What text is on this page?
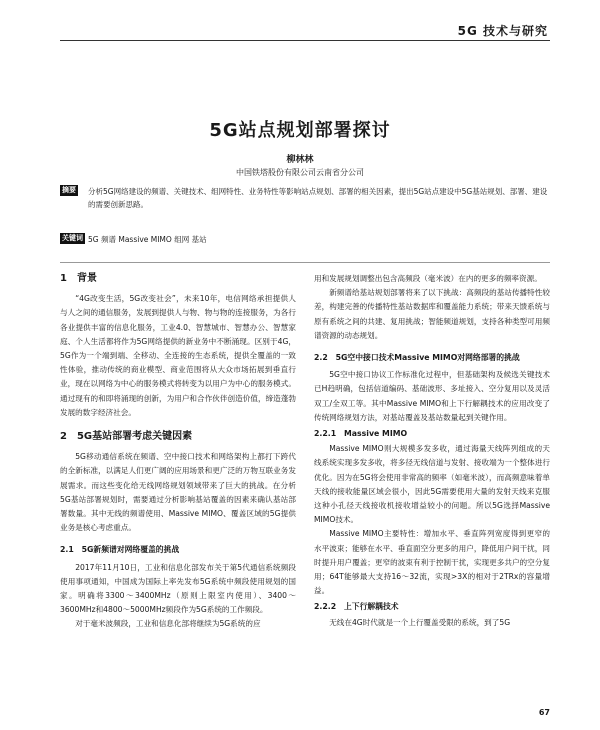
5G 技术与研究
5G站点规划部署探讨
柳林林
中国铁塔股份有限公司云南省分公司
摘要 分析5G网络建设的频谱、关键技术、组网特性、业务特性等影响站点规划、部署的相关因素，提出5G站点建设中5G基站规划、部署、建设的需要创新思路。
关键词 5G 频谱 Massive MIMO 组网 基站
1　背景

“4G改变生活，5G改变社会”，未来10年，电信网络承担提供人与人之间的通信服务，发展到提供人与物、物与物的连接服务，为各行各业提供丰富的信息化服务，工业4.0、智慧城市、智慧办公、智慧家庭、个人生活都将作为5G网络提供的新业务中不断涌现。区别于4G，5G作为一个端到端、全移动、全连接的生态系统，提供全覆盖的一致性体验，推动传统的商业模型、商业范围将从大众市场拓展到垂直行业，现在以网络为中心的服务模式将转变为以用户为中心的服务模式。通过现有的和即将涌现的创新，为用户和合作伙伴创造价值，缔造蓬勃发展的数字经济社会。

2　5G基站部署考虑关键因素

5G移动通信系统在频谱、空中接口技术和网络架构上都打下跨代的全新标准，以满足人们更广阔的应用场景和更广泛的万物互联业务发展需求。而这些变化给无线网络规划领域带来了巨大的挑战。在分析5G基站部署规划时，需要通过分析影响基站覆盖的因素来确认基站部署数量。其中无线的频谱使用、Massive MIMO、覆盖区域的5G提供业务是核心考虑重点。

2.1　5G新频谱对网络覆盖的挑战

2017年11月10日，工业和信息化部发布关于第5代通信系统频段使用事项通知，中国成为国际上率先发布5G系统中频段使用规划的国家。明确将3300～3400MHz（原则上限室内使用）、3400～3600MHz和4800～5000MHz频段作为5G系统的工作频段。

对于毫米波频段，工业和信息化部将继续为5G系统的应

用和发展规划调整出包含高频段（毫米波）在内的更多的频率资源。

新频谱给基站规划部署将来了以下挑战：高频段的基站传播特性较差，构建完善的传播特性基站数据库和覆盖能力系统；带来天馈系统与原有系统之间的共建、复用挑战；智能频道规划，支持各种类型可用频谱资源的动态规划。

2.2　5G空中接口技术Massive MIMO对网络部署的挑战

5G空中接口协议工作标准化过程中，但基础架构及候选关键技术已H趋明确，包括信道编码、基础波形、多址接入、空分复用以及灵活双工/全双工等。其中Massive MIMO和上下行解耦技术的应用改变了传统网络规划方法，对基站覆盖及基站数量起到关键作用。

2.2.1　Massive MIMO

Massive MIMO则大规模多发多收，通过海量天线阵列组成的天线系统实现多发多收，将多径无线信道与发射、接收端为一个整体进行优化。因为在5G将会使用非常高的频率（如毫米波），而高频意味着单天线的接收能量区域会很小，因此5G需要使用大量的发射天线来克服这种小孔径天线接收机接收增益较小的问题。所以5G选择Massive MIMO技术。

Massive MIMO主要特性：增加水平、垂直阵列宽度得到更窄的水平波束；能够在水平、垂直面空分更多的用户，降低用户间干扰，同时提升用户覆盖；更窄的波束有利于控制干扰，实现更多共户的空分复用；64T能够最大支持16～32流，实现>3X的相对于2TRx的容量增益。

2.2.2　上下行解耦技术

无线在4G时代就是一个上行覆盖受限的系统，到了5G

67
